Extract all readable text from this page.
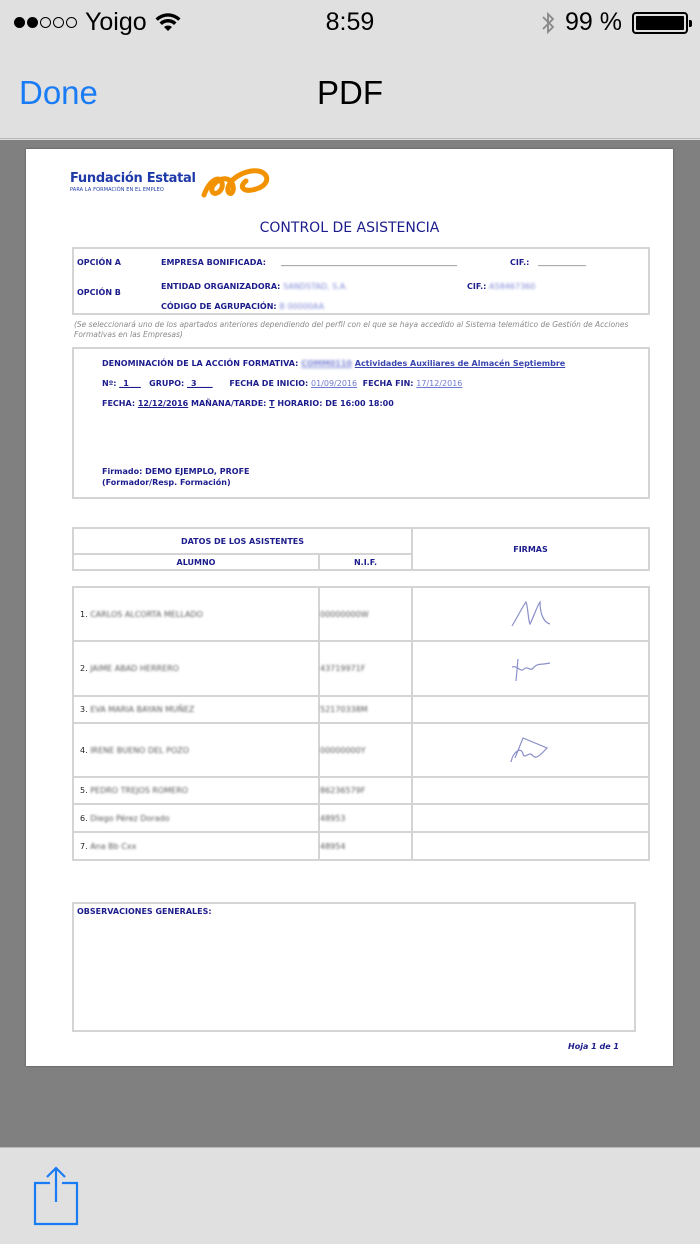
Yoigo	8:59	99 %
Done	PDF
Fundación Estatal
PARA LA FORMACIÓN EN EL EMPLEO
CONTROL DE ASISTENCIA
OPCIÓN A	EMPRESA BONIFICADA: ____________________________________________	CIF.: ____________
OPCIÓN B
ENTIDAD ORGANIZADORA: SANDSTAD, S.A.	CIF.: A58467360
CÓDIGO DE AGRUPACIÓN: B 00000AA
(Se seleccionará uno de los apartados anteriores dependiendo del perfil con el que se haya accedido al Sistema telemático de Gestión de Acciones Formativas en las Empresas)
DENOMINACIÓN DE LA ACCIÓN FORMATIVA: COMM0110 Actividades Auxiliares de Almacén Septiembre
Nº: _1___ GRUPO: _3____ FECHA DE INICIO: 01/09/2016 FECHA FIN: 17/12/2016
FECHA: 12/12/2016 MAÑANA/TARDE: T HORARIO: DE 16:00 18:00
Firmado: DEMO EJEMPLO, PROFE
(Formador/Resp. Formación)
DATOS DE LOS ASISTENTES		FIRMAS
ALUMNO	N.I.F.	
1. CARLOS ALCORTA MELLADO	00000000W	
2. JAIME ABAD HERRERO	43719971F	
3. EVA MARIA BAYAN MUÑEZ	52170338M	
4. IRENE BUENO DEL POZO	00000000Y	
5. PEDRO TREJOS ROMERO	86236579F	
6. Diego Pérez Dorado	48953	
7. Ana Bb Cxx	48954	
OBSERVACIONES GENERALES:
Hoja 1 de 1
